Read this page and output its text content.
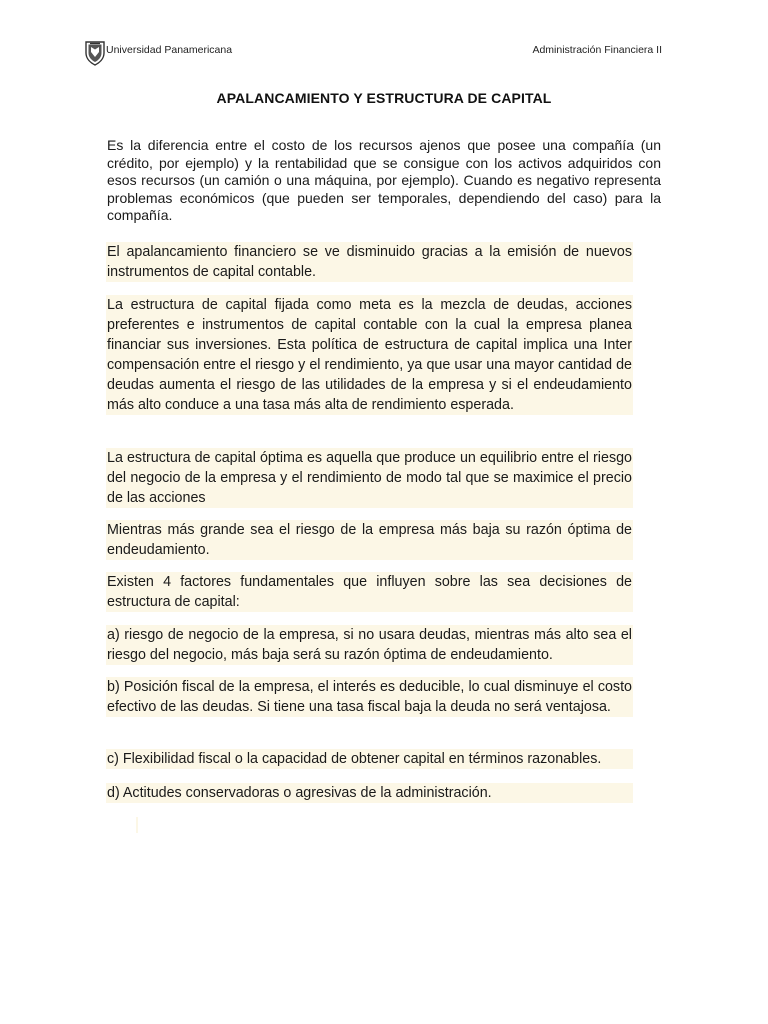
Universidad Panamericana	Administración Financiera II
APALANCAMIENTO Y ESTRUCTURA DE CAPITAL
Es la diferencia entre el costo de los recursos ajenos que posee una compañía (un crédito, por ejemplo) y la rentabilidad que se consigue con los activos adquiridos con esos recursos (un camión o una máquina, por ejemplo). Cuando es negativo representa problemas económicos (que pueden ser temporales, dependiendo del caso) para la compañía.
El apalancamiento financiero se ve disminuido gracias a la emisión de nuevos instrumentos de capital contable.
La estructura de capital fijada como meta es la mezcla de deudas, acciones preferentes e instrumentos de capital contable con la cual la empresa planea financiar sus inversiones. Esta política de estructura de capital implica una Inter compensación entre el riesgo y el rendimiento, ya que usar una mayor cantidad de deudas aumenta el riesgo de las utilidades de la empresa y si el endeudamiento más alto conduce a una tasa más alta de rendimiento esperada.
La estructura de capital óptima es aquella que produce un equilibrio entre el riesgo del negocio de la empresa y el rendimiento de modo tal que se maximice el precio de las acciones
Mientras más grande sea el riesgo de la empresa más baja su razón óptima de endeudamiento.
Existen 4 factores fundamentales que influyen sobre las sea decisiones de estructura de capital:
a) riesgo de negocio de la empresa, si no usara deudas, mientras más alto sea el riesgo del negocio, más baja será su razón óptima de endeudamiento.
b) Posición fiscal de la empresa, el interés es deducible, lo cual disminuye el costo efectivo de las deudas. Si tiene una tasa fiscal baja la deuda no será ventajosa.
c) Flexibilidad fiscal o la capacidad de obtener capital en términos razonables.
d) Actitudes conservadoras o agresivas de la administración.
